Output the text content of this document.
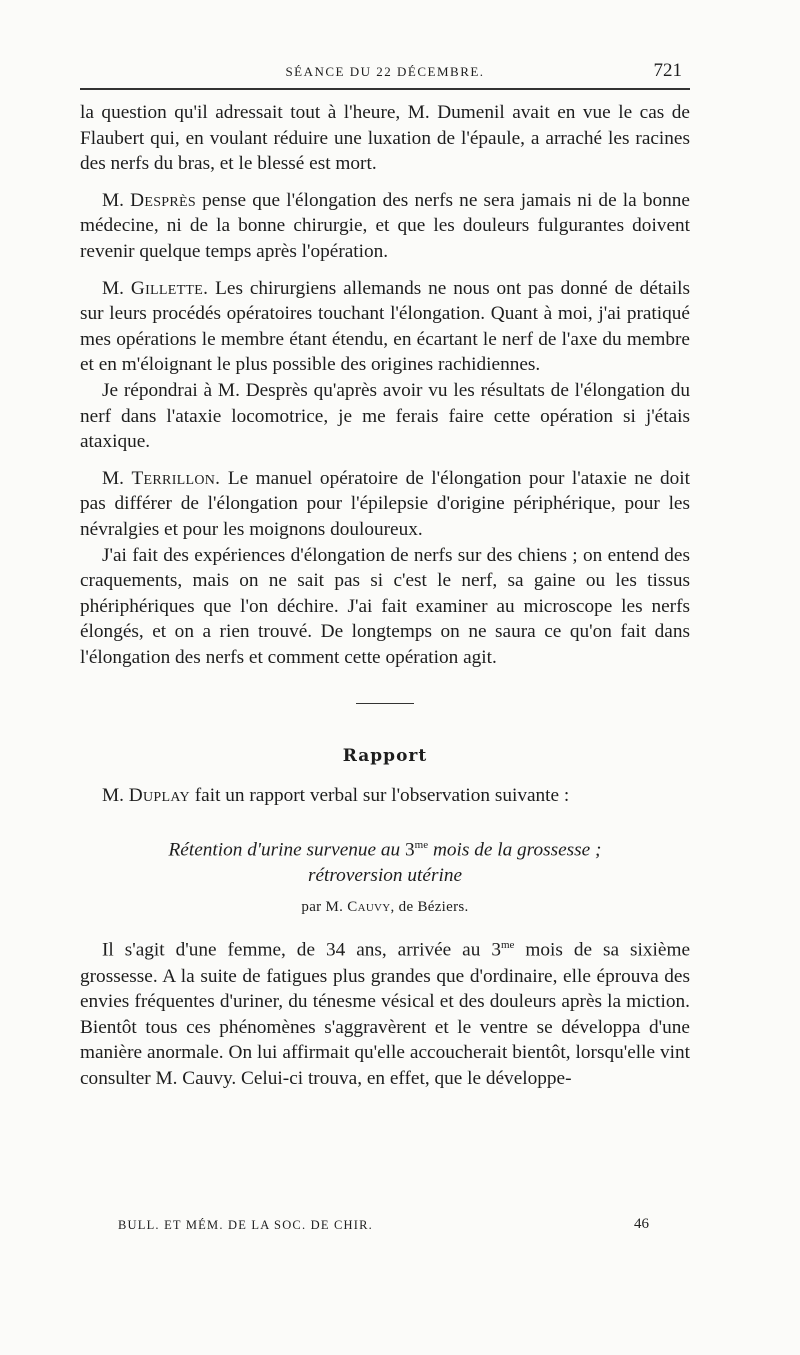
SÉANCE DU 22 DÉCEMBRE.	721

la question qu'il adressait tout à l'heure, M. Dumenil avait en vue le cas de Flaubert qui, en voulant réduire une luxation de l'épaule, a arraché les racines des nerfs du bras, et le blessé est mort.

M. Desprès pense que l'élongation des nerfs ne sera jamais ni de la bonne médecine, ni de la bonne chirurgie, et que les douleurs fulgurantes doivent revenir quelque temps après l'opération.

M. Gillette. Les chirurgiens allemands ne nous ont pas donné de détails sur leurs procédés opératoires touchant l'élongation. Quant à moi, j'ai pratiqué mes opérations le membre étant étendu, en écartant le nerf de l'axe du membre et en m'éloignant le plus possible des origines rachidiennes.

Je répondrai à M. Desprès qu'après avoir vu les résultats de l'élongation du nerf dans l'ataxie locomotrice, je me ferais faire cette opération si j'étais ataxique.

M. Terrillon. Le manuel opératoire de l'élongation pour l'ataxie ne doit pas différer de l'élongation pour l'épilepsie d'origine périphérique, pour les névralgies et pour les moignons douloureux.

J'ai fait des expériences d'élongation de nerfs sur des chiens ; on entend des craquements, mais on ne sait pas si c'est le nerf, sa gaine ou les tissus phériphériques que l'on déchire. J'ai fait examiner au microscope les nerfs élongés, et on a rien trouvé. De longtemps on ne saura ce qu'on fait dans l'élongation des nerfs et comment cette opération agit.

Rapport

M. Duplay fait un rapport verbal sur l'observation suivante :

Rétention d'urine survenue au $3^{me}$ mois de la grossesse ;
rétroversion utérine
par M. Cauvy, de Béziers.

Il s'agit d'une femme, de 34 ans, arrivée au $3^{me}$ mois de sa sixième grossesse. A la suite de fatigues plus grandes que d'ordinaire, elle éprouva des envies fréquentes d'uriner, du ténesme vésical et des douleurs après la miction. Bientôt tous ces phénomènes s'aggravèrent et le ventre se développa d'une manière anormale. On lui affirmait qu'elle accoucherait bientôt, lorsqu'elle vint consulter M. Cauvy. Celui-ci trouva, en effet, que le développe-

BULL. ET MÉM. DE LA SOC. DE CHIR.	46
